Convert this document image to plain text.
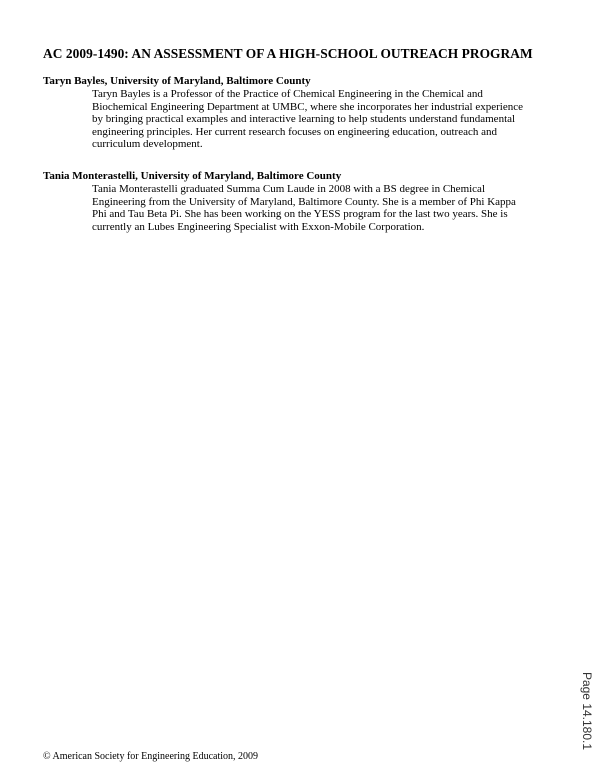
AC 2009-1490: AN ASSESSMENT OF A HIGH-SCHOOL OUTREACH PROGRAM
Taryn Bayles, University of Maryland, Baltimore County
Taryn Bayles is a Professor of the Practice of Chemical Engineering in the Chemical and
Biochemical Engineering Department at UMBC, where she incorporates her industrial experience
by bringing practical examples and interactive learning to help students understand fundamental
engineering principles. Her current research focuses on engineering education, outreach and
curriculum development.
Tania Monterastelli, University of Maryland, Baltimore County
Tania Monterastelli graduated Summa Cum Laude in 2008 with a BS degree in Chemical
Engineering from the University of Maryland, Baltimore County. She is a member of Phi Kappa
Phi and Tau Beta Pi. She has been working on the YESS program for the last two years. She is
currently an Lubes Engineering Specialist with Exxon-Mobile Corporation.
Page 14.180.1
© American Society for Engineering Education, 2009
